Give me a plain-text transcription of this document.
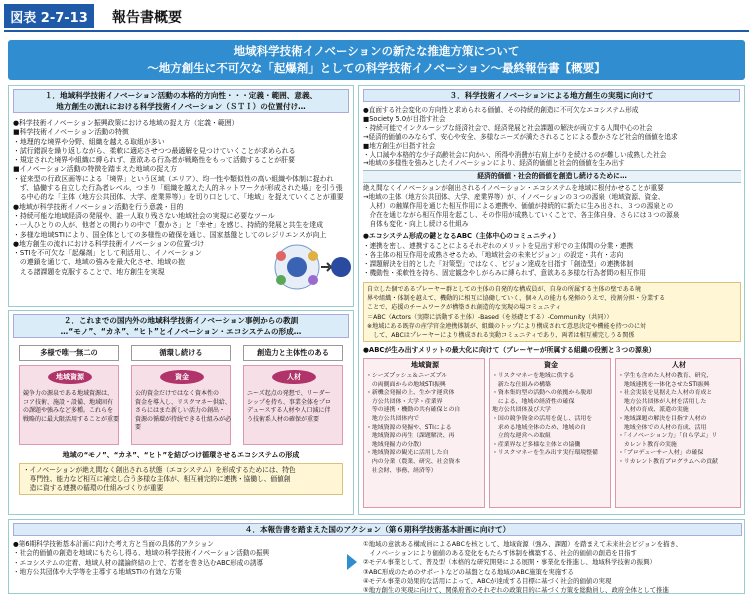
図表 2-7-13	報告書概要
地域科学技術イノベーションの新たな推進方策について
〜地方創生に不可欠な「起爆剤」としての科学技術イノベーション〜最終報告書【概要】
１．地域科学技術イノベーション活動の本格的方向性・・・定義・範囲、意義、
地方創生の流れにおける科学技術イノベーション（ＳＴＩ）の位置付け…
●科学技術イノベーション振興政策における地域の捉え方（定義・範囲）
■科学技術イノベーション活動の特徴
・地理的な境界や分野、組織を越える取組が多い
・試行錯誤を繰り返しながら、柔軟に適応させつつ最適解を見つけていくことが求められる
・規定された境界や組織に縛られず、意欲ある行為者が戦略性をもって活動することが肝要
■イノベーション活動の特徴を踏まえた地域の捉え方
・従来型の行政区画等による「境界」という区域（エリア）、均一性や類似性の高い組織や体制に捉われ
　ず、協働する自立した行為者レベル、つまり「組織を越えた人的ネットワークが形成された場」を引う張
　る中心的な「主体（地方公共団体、大学、産業界等）」を切り口として、「地域」を捉えていくことが重要
●地域が科学技術イノベーション活動を行う意義・目的
・持続可能な地域経済の発展や、誰一人取り残さない地域社会の実現に必要なツール
・一人ひとりの人が、他者との関わりの中で「豊かさ」と「幸せ」を感じ、持続的発展と共生を達成
・多様な地域STIにより、国全体としての多様性の確保を通じ、国家基盤としてのレジリエンスが向上
●地方創生の流れにおける科学技術イノベーションの位置づけ
・STIを不可欠な「起爆剤」として利活用し、イノベーション
　の連鎖を通じて、地域の強みを最大化させ、地域の抱
　える諸課題を克服することで、地方創生を実現
２．これまでの国内外の地域科学技術イノベーション事例からの教訓
…“モノ”、“カネ”、“ヒト”とイノベーション・エコシステムの形成…
多様で唯一無二の	循環し続ける	創造力と主体性のある
地域資源
競争力の源泉である地域資源は、
コア技術、施設・設備、地域固有
の課題や強みなど多種。これらを
戦略的に最大限活用することが重要
資金
公的資金だけではなく資本性の
資金を導入し、リスクマネー供給、
さらにはまた新しい活力の創出・
資源の循環が持続できる仕組みが必要
人材
ニーズ起点の発想で、リーダー
シップを持ち、事業全体をプロ
デュースする人材や人口減に伴
う技術系人材の確保が重要
地域の“モノ”、“カネ”、“ヒト”を結びつけ循環させるエコシステムの形成
・イノベーションが絶え間なく創出される状態（エコシステム）を形成するためには、特色
　専門性、能力など相互に補完し合う多様な主体が、相互補完的に連携・協働し、価値創
　造に資する連携の循環の仕組みづくりが重要
３．科学技術イノベーションによる地方創生の実現に向けて
●直面する社会変化の方向性と求められる価値、その持続的創造に不可欠なエコシステム形成
■Society 5.0が目指す社会
・持続可能でインクルーシブな経済社会で、経済発展と社会課題の解決が両立する人間中心の社会
→経済的価値のみならず、安心や安全、多様なニーズが満たされることによる豊かさなど社会的価値を追求
■地方創生が目指す社会
・人口減や本格的な少子高齢社会に向かい、所得や消費が右肩上がりを続けるのが難しい成熟した社会
→地域の多様性を強みとしたイノベーションにより、経済的価値と社会的価値を生み出す
経済的価値・社会的価値を創造し続けるために…
絶え間なくイノベーションが創出されるイノベーション・エコシステムを地域に根付かせることが重要
→地域の主体（地方公共団体、大学、産業界等）が、イノベーションの３つの源泉（地域資源、資金、
　人材）の触媒作用を通じた相互作用による連携や、価値が持続的に新たに生み出され、３つの源泉との
　介在を通じながら相互作用を起こし、その作用が成熟していくことで、各主体自身、さらには３つの源泉
　自体も変化・向上し続ける仕組み
●エコシステム形成の鍵となるABC（主体中心のコミュニティ）
・連携を密し、連携することによるそれぞれのメリットを見出す形での主体間の分業・連携
・各主体の相互作用を成熟させるため、「地域社会の未来ビジョン」の設定・共有・志向
・課題解決を目的とした「対策型」ではなく、ビジョン達成を目指す「創造型」の連携体制
・機動性・柔軟性を持ち、固定観念やしがらみに縛られず、意欲ある多様な行為者間の相互作用
自立した個であるプレーヤー群としての主体の自発的な構成員が、自身の所属する主体の壁である境
界や組織・体制を越えて、機動的に相互に協働していく、個々人の能力も発揮のうえで、役割分担・分業する
ことで、応援のチームワークが構築され創造的な実現の場コミュニティ
＝ABC（Actors（実際に活動する主体）-Based（を基礎とする）-Community（共同））
※地域にある既存の産学官金連携体制が、組織のトップにより構成されて意思決定や機能を持つのに対
　して、ABCはプレーヤーにより構成される実動コミュニティであり、両者は相互補完しうる関係
●ABCが生み出すメリットの最大化に向けて（プレーヤーが所属する組織の役割と３つの源泉）
地域資源
・シーズプッシュ＆ニーズプル
　の両側面からの地域STI振興
・新機会発掘の上、生かす運営体
　方公共団体・大学・産業界
　等の連携・機動の共有確保との自
　地方公共団体内で
・地域資源の発掘や、STIによる
　地域資源の再生（課題解決、再
　地域発掘力の分散）
・地域資源の観光に活用した自
　内の分業（農業、研究、社会資本
　社会財、事務、経済等）
資金
・リスクマネーを地域に供する
　新たな仕組みの構築
・資本集約型の活動への依拠から脱却
　による、地域の経済性の確保
地方公共団体及び大学
・国の競争資金の活用を促し、活用を
　求める地域全体のため、地域の自
　立的な運営への取組
・産業界など多様な主体との協働
・リスクマネーを生み出す実行環境整備
人材
・学生も含めた人材の教育、研究、
　地域連携を一体化させたSTI振興
・社会実装を見据えた人材の育成と
　地方公共団体が人材を活用した
　人材の育成、派遣の実施
・地域課題の解決を目指す人材の
　地域全体での人材の育成、活用
・「イノベーション力」「自ら学ぶ」リ
　カレント教育の実施
・「プロデューサー人材」の確保
・リカレント教育プログラムへの貢献
４．本報告書を踏まえた国のアクション（第６期科学技術基本計画に向けて）
●第6期科学技術基本計画に向けた考え方と当面の具体的アクション
・社会的価値の創造を地域にもたらし得る、地域の科学技術イノベーション活動の振興
・エコシステムの定着、地域人材の議論終結の上で、若者を巻き込むABC形成の誘導
・地方公共団体や大学等を主導する地域STIの有効な方策
①地域の意欲ある構成員によるABCを核として、地域資源（強み、課題）を踏まえて未来社会ビジョンを描き、
　イノベーションにより価値のある変化をもたらす体制を構築する、社会的価値の創造を目指す
②モデル事業として、普及型（本格的な研究開発による展開・事業化を推進し、地域科学技術の振興）
③ABC形成のためのサポートなどの基盤となる地域のABC施策を実施する
④モデル事業の効果的な活用によって、ABCが達成する目標に基づく社会的価値の実現
⑤地方創生の実現に向けて、関係府省のそれぞれの政策目的に基づく方策を総動員し、政府全体として推進
